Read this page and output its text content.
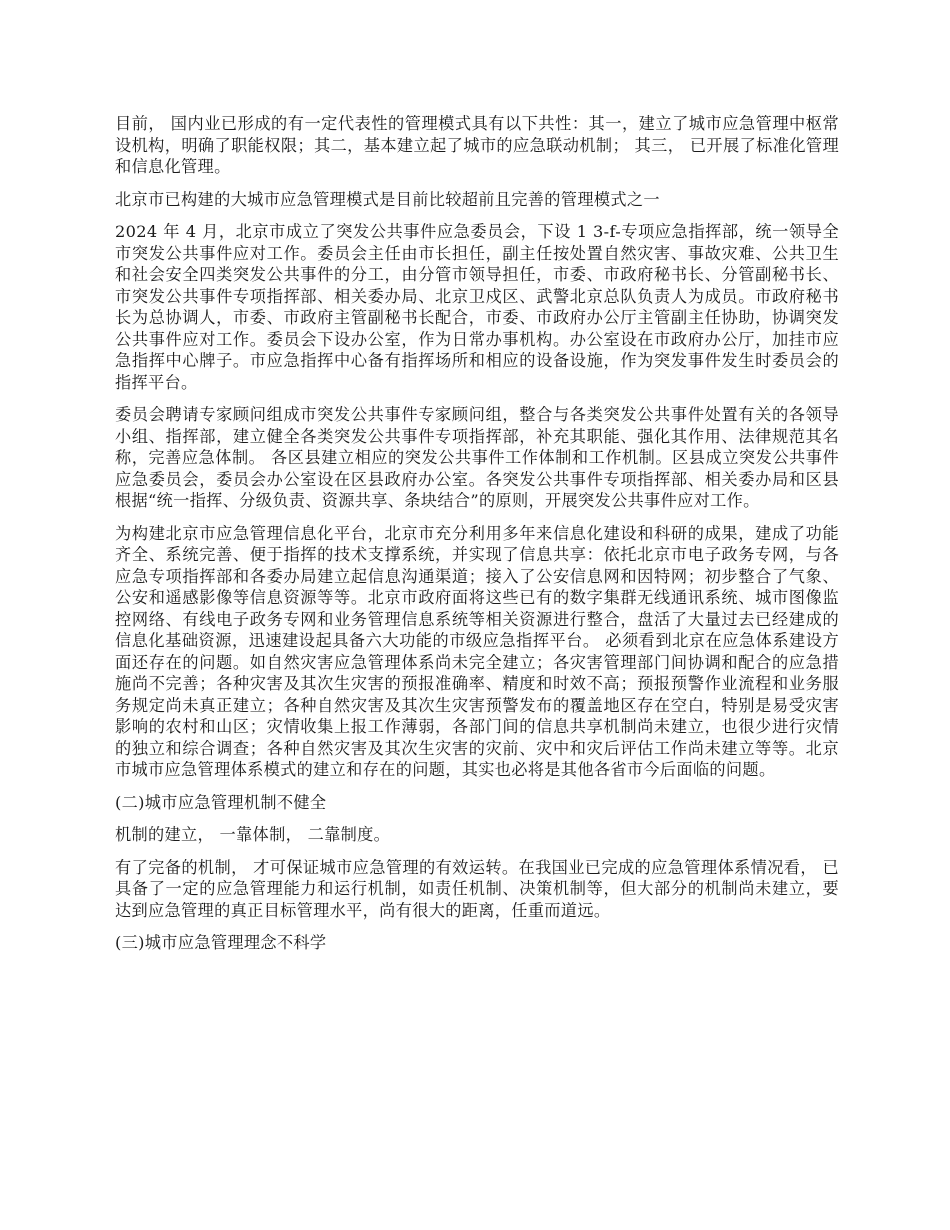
目前， 国内业已形成的有一定代表性的管理模式具有以下共性：其一，建立了城市应急管理中枢常设机构，明确了职能权限；其二，基本建立起了城市的应急联动机制； 其三， 已开展了标准化管理和信息化管理。

北京市已构建的大城市应急管理模式是目前比较超前且完善的管理模式之一

2024 年 4 月，北京市成立了突发公共事件应急委员会，下设 1 3-f-专项应急指挥部，统一领导全市突发公共事件应对工作。委员会主任由市长担任，副主任按处置自然灾害、事故灾难、公共卫生和社会安全四类突发公共事件的分工，由分管市领导担任，市委、市政府秘书长、分管副秘书长、市突发公共事件专项指挥部、相关委办局、北京卫戍区、武警北京总队负责人为成员。市政府秘书长为总协调人，市委、市政府主管副秘书长配合，市委、市政府办公厅主管副主任协助，协调突发公共事件应对工作。委员会下设办公室，作为日常办事机构。办公室设在市政府办公厅，加挂市应急指挥中心牌子。市应急指挥中心备有指挥场所和相应的设备设施，作为突发事件发生时委员会的指挥平台。

委员会聘请专家顾问组成市突发公共事件专家顾问组，整合与各类突发公共事件处置有关的各领导小组、指挥部，建立健全各类突发公共事件专项指挥部，补充其职能、强化其作用、法律规范其名称，完善应急体制。 各区县建立相应的突发公共事件工作体制和工作机制。区县成立突发公共事件应急委员会，委员会办公室设在区县政府办公室。各突发公共事件专项指挥部、相关委办局和区县根据“统一指挥、分级负责、资源共享、条块结合”的原则，开展突发公共事件应对工作。

为构建北京市应急管理信息化平台，北京市充分利用多年来信息化建设和科研的成果，建成了功能齐全、系统完善、便于指挥的技术支撑系统，并实现了信息共享：依托北京市电子政务专网，与各应急专项指挥部和各委办局建立起信息沟通渠道；接入了公安信息网和因特网；初步整合了气象、公安和遥感影像等信息资源等等。北京市政府面将这些已有的数字集群无线通讯系统、城市图像监控网络、有线电子政务专网和业务管理信息系统等相关资源进行整合，盘活了大量过去已经建成的信息化基础资源，迅速建设起具备六大功能的市级应急指挥平台。 必须看到北京在应急体系建设方面还存在的问题。如自然灾害应急管理体系尚未完全建立；各灾害管理部门间协调和配合的应急措施尚不完善；各种灾害及其次生灾害的预报准确率、精度和时效不高；预报预警作业流程和业务服务规定尚未真正建立；各种自然灾害及其次生灾害预警发布的覆盖地区存在空白，特别是易受灾害影响的农村和山区；灾情收集上报工作薄弱，各部门间的信息共享机制尚未建立，也很少进行灾情的独立和综合调查；各种自然灾害及其次生灾害的灾前、灾中和灾后评估工作尚未建立等等。北京市城市应急管理体系模式的建立和存在的问题，其实也必将是其他各省市今后面临的问题。

(二)城市应急管理机制不健全

机制的建立， 一靠体制， 二靠制度。

有了完备的机制， 才可保证城市应急管理的有效运转。在我国业已完成的应急管理体系情况看， 已具备了一定的应急管理能力和运行机制，如责任机制、决策机制等，但大部分的机制尚未建立，要达到应急管理的真正目标管理水平，尚有很大的距离，任重而道远。

(三)城市应急管理理念不科学
